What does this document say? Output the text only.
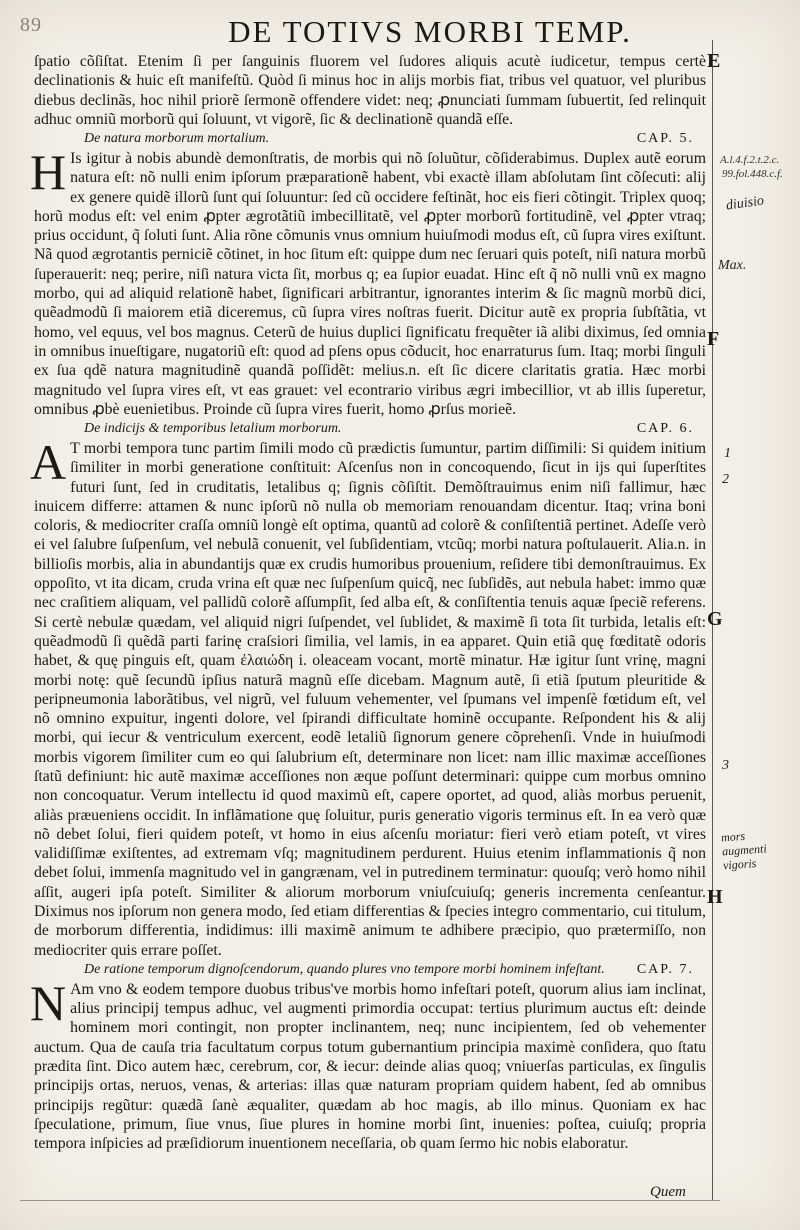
89	DE TOTIVS MORBI TEMP.
E
F
G
H
A.l.4.f.2.t.2.c.
99.fol.448.c.f.
diuisio
Max.
1
2
3
mors augmenti vigoris

ſpatio cõſiſtat. Etenim ſi per ſanguinis fluorem vel ſudores aliquis acutè iudicetur, tempus certè declinationis & huic eſt manifeſtũ. Quòd ſi minus hoc in alijs morbis fiat, tribus vel quatuor, vel pluribus diebus declinãs, hoc nihil priorẽ ſermonẽ offendere videt: neq; ꝓnunciati ſummam ſubuertit, ſed relinquit adhuc omniũ morborũ qui ſoluunt, vt vigorẽ, ſic & declinationẽ quandã eſſe.

De natura morborum mortalium.	CAP. 5.

H Is igitur à nobis abundè demonſtratis, de morbis qui nõ ſoluũtur, cõſiderabimus. Duplex autẽ eorum natura eſt: nõ nulli enim ipſorum præparationẽ habent, vbi exactè illam abſolutam ſint cõſecuti: alij ex genere quidẽ illorũ ſunt qui ſoluuntur: ſed cũ occidere feſtinãt, hoc eis fieri cõtingit. Triplex quoq; horũ modus eſt: vel enim ꝓpter ægrotãtiũ imbecillitatẽ, vel ꝓpter morborũ fortitudinẽ, vel ꝓpter vtraq; prius occidunt, q̃ ſoluti ſunt. Alia rõne cõmunis vnus omnium huiuſmodi modus eſt, cũ ſupra vires exiſtunt. Nã quod ægrotantis perniciẽ cõtinet, in hoc ſitum eſt: quippe dum nec ſeruari quis poteſt, niſi natura morbũ ſuperauerit: neq; perire, niſi natura victa ſit, morbus q; ea ſupior euadat. Hinc eſt q̃ nõ nulli vnũ ex magno morbo, qui ad aliquid relationẽ habet, ſignificari arbitrantur, ignorantes interim & ſic magnũ morbũ dici, quẽadmodũ ſi maiorem etiã diceremus, cũ ſupra vires noſtras fuerit. Dicitur autẽ ex propria ſubſtãtia, vt homo, vel equus, vel bos magnus. Ceterũ de huius duplici ſignificatu frequẽter iã alibi diximus, ſed omnia in omnibus inueſtigare, nugatoriũ eſt: quod ad pſens opus cõducit, hoc enarraturus ſum. Itaq; morbi ſinguli ex ſua qdẽ natura magnitudinẽ quandã poſſidẽt: melius.n. eſt ſic dicere claritatis gratia. Hæc morbi magnitudo vel ſupra vires eſt, vt eas grauet: vel econtrario viribus ægri imbecillior, vt ab illis ſuperetur, omnibus ꝓbè euenietibus. Proinde cũ ſupra vires fuerit, homo ꝓrſus morieẽ.

De indicijs & temporibus letalium morborum.	CAP. 6.

A T morbi tempora tunc partim ſimili modo cũ prædictis ſumuntur, partim diſſimili: Si quidem initium ſimiliter in morbi generatione conſtituit: Aſcenſus non in concoquendo, ſicut in ijs qui ſuperſtites futuri ſunt, ſed in cruditatis, letalibus q; ſignis cõſiſtit. Demõſtrauimus enim niſi fallimur, hæc inuicem differre: attamen & nunc ipſorũ nõ nulla ob memoriam renouandam dicentur. Itaq; vrina boni coloris, & mediocriter craſſa omniũ longè eſt optima, quantũ ad colorẽ & conſiſtentiã pertinet. Adeſſe verò ei vel ſalubre ſuſpenſum, vel nebulã conuenit, vel ſubſidentiam, vtcũq; morbi natura poſtulauerit. Alia.n. in billioſis morbis, alia in abundantijs quæ ex crudis humoribus prouenium, reſidere tibi demonſtrauimus. Ex oppoſito, vt ita dicam, cruda vrina eſt quæ nec ſuſpenſum quicq̃, nec ſubſidẽs, aut nebula habet: immo quæ nec craſitiem aliquam, vel pallidũ colorẽ aſſumpſit, ſed alba eſt, & conſiſtentia tenuis aquæ ſpeciẽ referens. Si certè nebulæ quædam, vel aliquid nigri ſuſpendet, vel ſublidet, & maximẽ ſi tota ſit turbida, letalis eſt: quẽadmodũ ſi quẽdã parti farinę craſsiori ſimilia, vel lamis, in ea apparet. Quin etiã quę fœditatẽ odoris habet, & quę pinguis eſt, quam ἐλαιώδη i. oleaceam vocant, mortẽ minatur. Hæ igitur ſunt vrinę, magni morbi notę: quẽ ſecundũ ipſius naturã magnũ eſſe dicebam. Magnum autẽ, ſi etiã ſputum pleuritide & peripneumonia laborãtibus, vel nigrũ, vel fuluum vehementer, vel ſpumans vel impenſè fœtidum eſt, vel nõ omnino expuitur, ingenti dolore, vel ſpirandi difficultate hominẽ occupante. Reſpondent his & alij morbi, qui iecur & ventriculum exercent, eodẽ letaliũ ſignorum genere cõprehenſi. Vnde in huiuſmodi morbis vigorem ſimiliter cum eo qui ſalubrium eſt, determinare non licet: nam illic maximæ acceſſiones ſtatũ definiunt: hic autẽ maximæ acceſſiones non æque poſſunt determinari: quippe cum morbus omnino non concoquatur. Verum intellectu id quod maximũ eſt, capere oportet, ad quod, aliàs morbus peruenit, aliàs præueniens occidit. In inflãmatione quę ſoluitur, puris generatio vigoris terminus eſt. In ea verò quæ nõ debet ſolui, fieri quidem poteſt, vt homo in eius aſcenſu moriatur: fieri verò etiam poteſt, vt vires validiſſimæ exiſtentes, ad extremam vſq; magnitudinem perdurent. Huius etenim inflammationis q̃ non debet ſolui, immenſa magnitudo vel in gangrænam, vel in putredinem terminatur: quouſq; verò homo nihil aſſit, augeri ipſa poteſt. Similiter & aliorum morborum vniuſcuiuſq; generis incrementa cenſeantur. Diximus nos ipſorum non genera modo, ſed etiam differentias & ſpecies integro commentario, cui titulum, de morborum differentia, indidimus: illi maximẽ animum te adhibere præcipio, quo prætermiſſo, non mediocriter quis errare poſſet.

De ratione temporum dignoſcendorum, quando plures vno tempore morbi hominem infeſtant. CAP. 7.

N Am vno & eodem tempore duobus tribus've morbis homo infeſtari poteſt, quorum alius iam inclinat, alius principij tempus adhuc, vel augmenti primordia occupat: tertius plurimum auctus eſt: deinde hominem mori contingit, non propter inclinantem, neq; nunc incipientem, ſed ob vehementer auctum. Qua de cauſa tria facultatum corpus totum gubernantium principia maximè conſidera, quo ſtatu prædita ſint. Dico autem hæc, cerebrum, cor, & iecur: deinde alias quoq; vniuerſas particulas, ex ſingulis principijs ortas, neruos, venas, & arterias: illas quæ naturam propriam quidem habent, ſed ab omnibus principijs regũtur: quædã ſanè æqualiter, quædam ab hoc magis, ab illo minus. Quoniam ex hac ſpeculatione, primum, ſiue vnus, ſiue plures in homine morbi ſint, inuenies: poſtea, cuiuſq; propria tempora inſpicies ad præſidiorum inuentionem neceſſaria, ob quam ſermo hic nobis elaboratur.

Quem
